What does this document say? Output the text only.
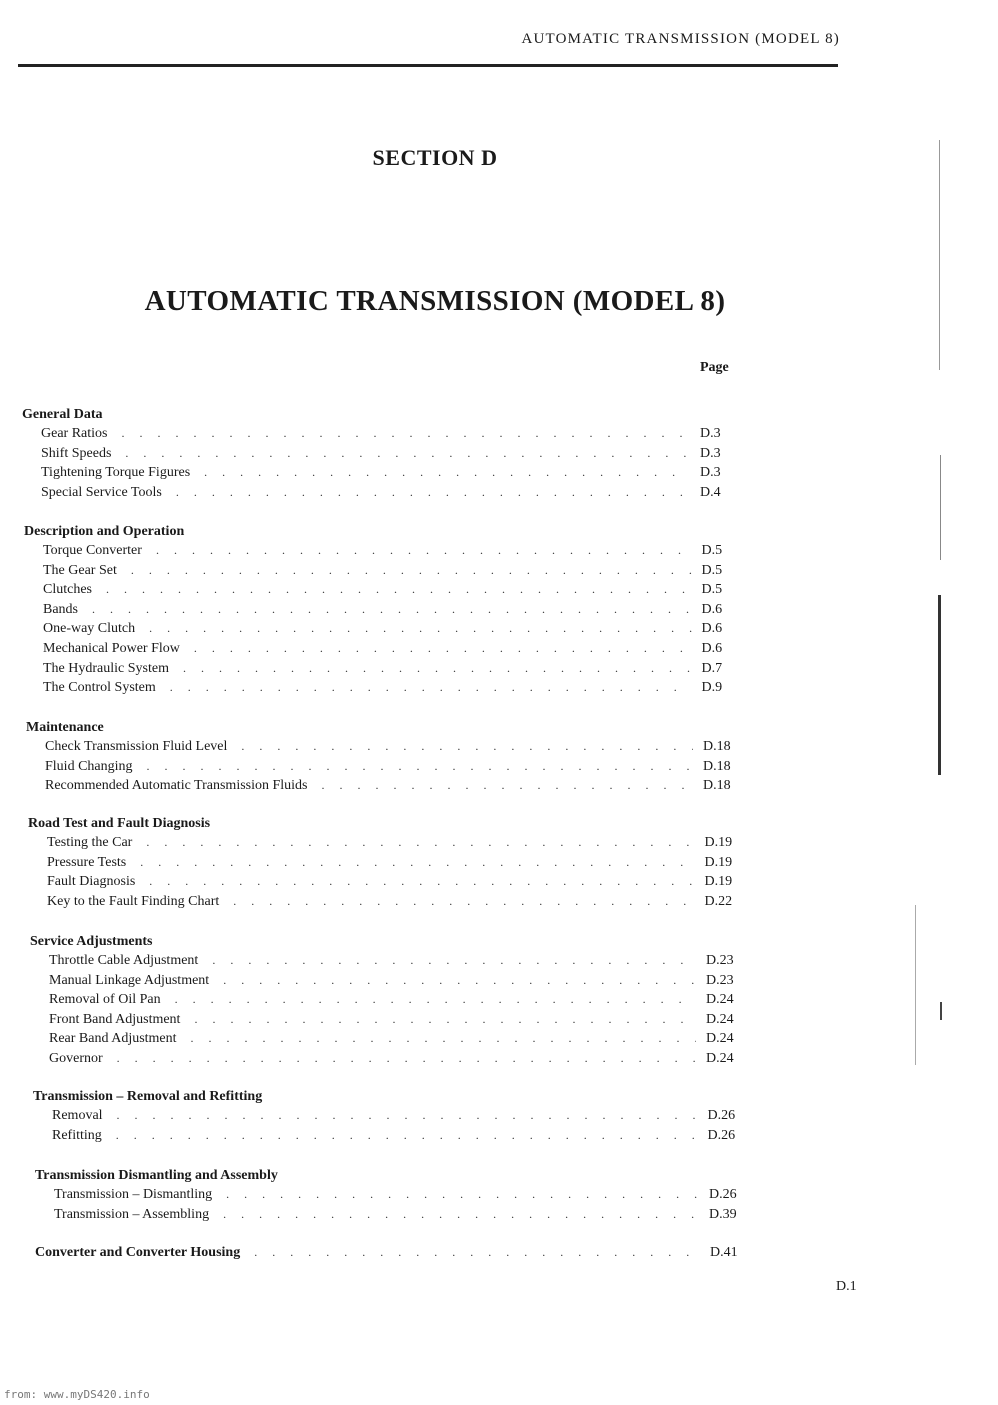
AUTOMATIC TRANSMISSION (MODEL 8)
SECTION D
AUTOMATIC TRANSMISSION (MODEL 8)
Page
General Data
Gear Ratios . . .	D.3
Shift Speeds . . .	D.3
Tightening Torque Figures . . .	D.3
Special Service Tools . . .	D.4
Description and Operation
Torque Converter . . .	D.5
The Gear Set . . .	D.5
Clutches . . .	D.5
Bands . . .	D.6
One-way Clutch . . .	D.6
Mechanical Power Flow . . .	D.6
The Hydraulic System . . .	D.7
The Control System . . .	D.9
Maintenance
Check Transmission Fluid Level . . .	D.18
Fluid Changing . . .	D.18
Recommended Automatic Transmission Fluids . . .	D.18
Road Test and Fault Diagnosis
Testing the Car . . .	D.19
Pressure Tests . . .	D.19
Fault Diagnosis . . .	D.19
Key to the Fault Finding Chart . . .	D.22
Service Adjustments
Throttle Cable Adjustment . . .	D.23
Manual Linkage Adjustment . . .	D.23
Removal of Oil Pan . . .	D.24
Front Band Adjustment . . .	D.24
Rear Band Adjustment . . .	D.24
Governor . . .	D.24
Transmission – Removal and Refitting
Removal . . .	D.26
Refitting . . .	D.26
Transmission Dismantling and Assembly
Transmission – Dismantling . . .	D.26
Transmission – Assembling . . .	D.39
Converter and Converter Housing . . .	D.41
D.1
from: www.myDS420.info
